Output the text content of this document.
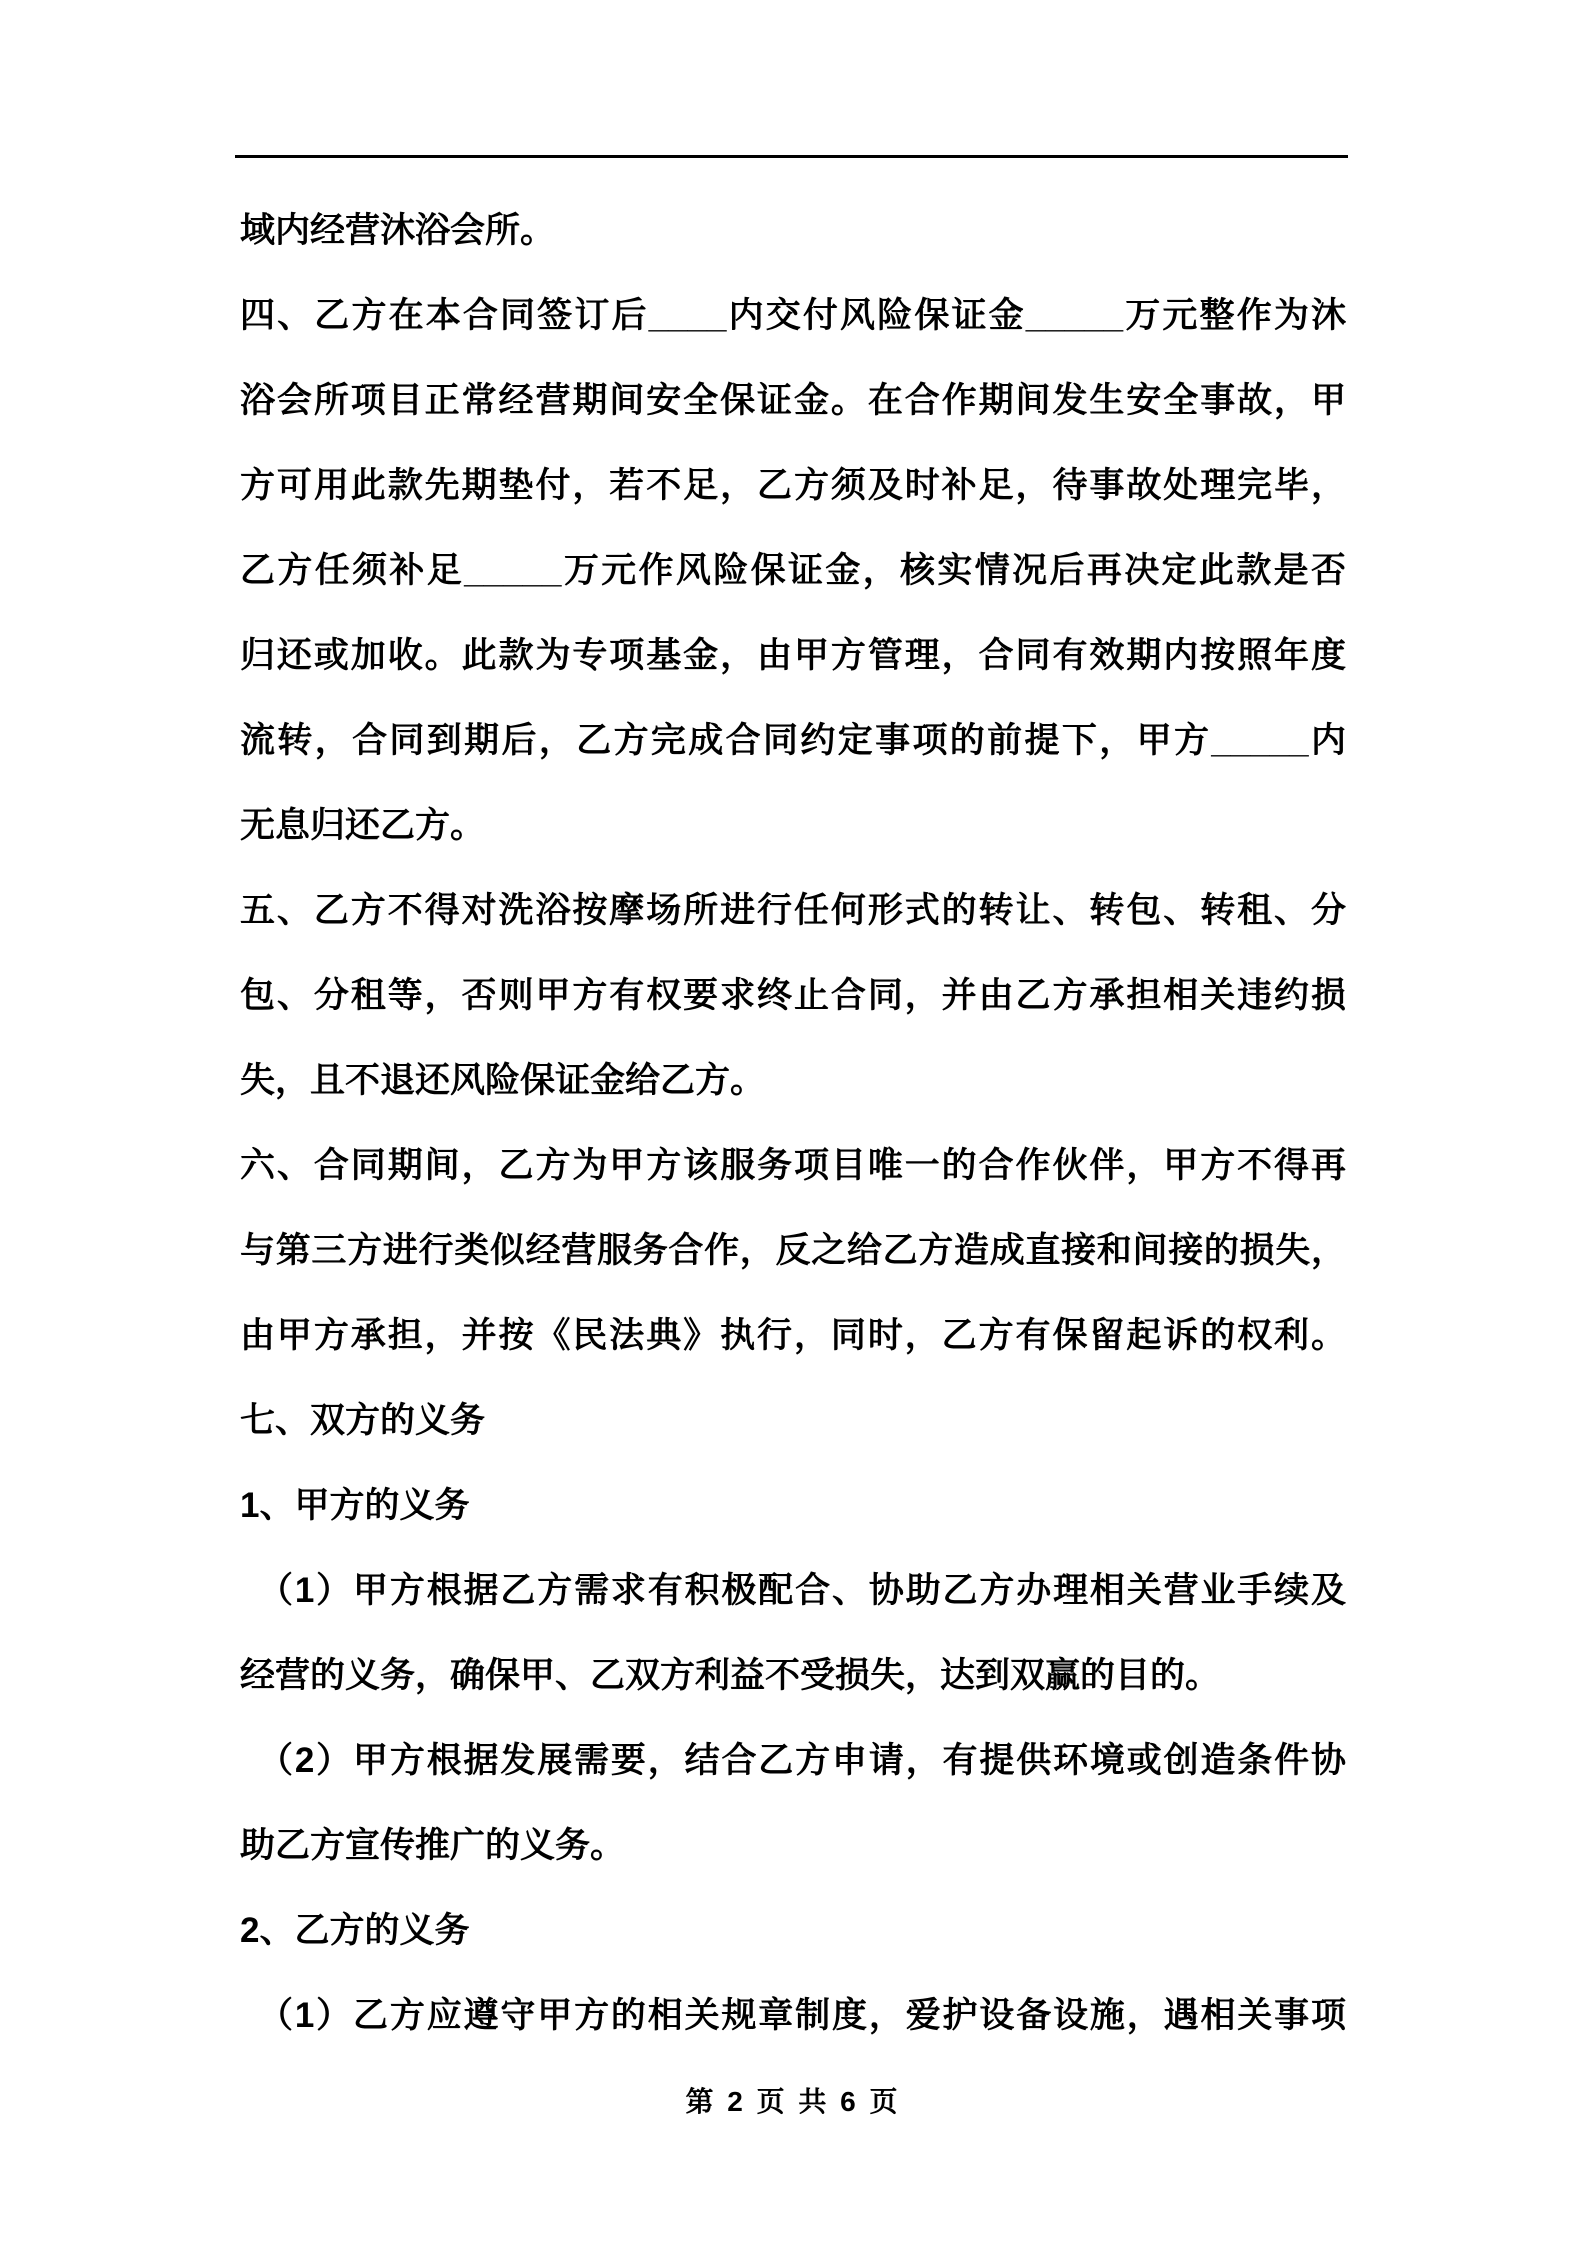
域内经营沐浴会所。
四、乙方在本合同签订后____内交付风险保证金_____万元整作为沐
浴会所项目正常经营期间安全保证金。在合作期间发生安全事故，甲
方可用此款先期垫付，若不足，乙方须及时补足，待事故处理完毕，
乙方任须补足_____万元作风险保证金，核实情况后再决定此款是否
归还或加收。此款为专项基金，由甲方管理，合同有效期内按照年度
流转，合同到期后，乙方完成合同约定事项的前提下，甲方_____内
无息归还乙方。
五、乙方不得对洗浴按摩场所进行任何形式的转让、转包、转租、分
包、分租等，否则甲方有权要求终止合同，并由乙方承担相关违约损
失，且不退还风险保证金给乙方。
六、合同期间，乙方为甲方该服务项目唯一的合作伙伴，甲方不得再
与第三方进行类似经营服务合作，反之给乙方造成直接和间接的损失，
由甲方承担，并按《民法典》执行，同时，乙方有保留起诉的权利。
七、双方的义务
1、甲方的义务
（1）甲方根据乙方需求有积极配合、协助乙方办理相关营业手续及
经营的义务，确保甲、乙双方利益不受损失，达到双赢的目的。
（2）甲方根据发展需要，结合乙方申请，有提供环境或创造条件协
助乙方宣传推广的义务。
2、乙方的义务
（1）乙方应遵守甲方的相关规章制度，爱护设备设施，遇相关事项
第 2 页 共 6 页
